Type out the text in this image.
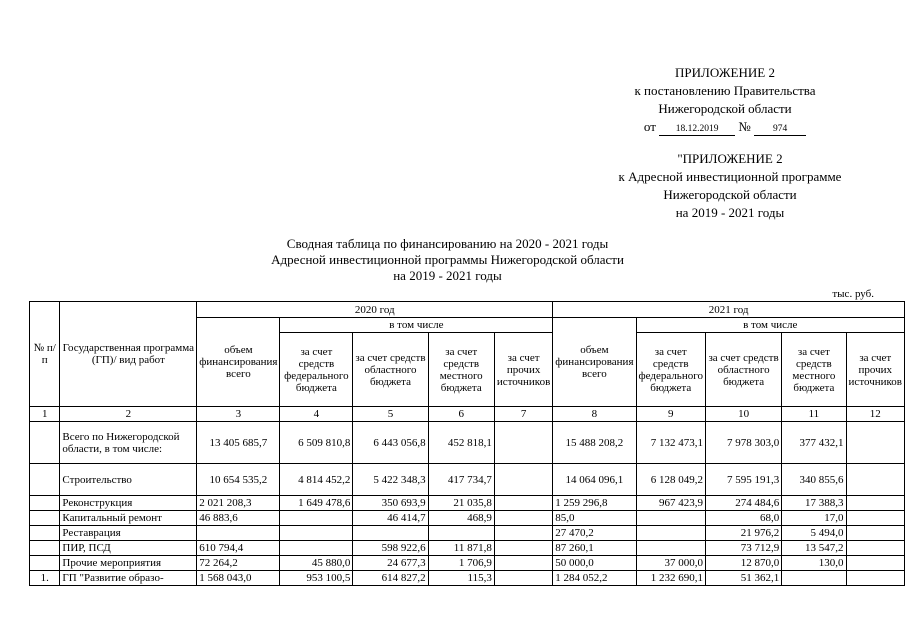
ПРИЛОЖЕНИЕ 2
к постановлению Правительства
Нижегородской области
от 18.12.2019 № 974
"ПРИЛОЖЕНИЕ 2
к Адресной инвестиционной программе
Нижегородской области
на 2019 - 2021 годы
Сводная таблица по финансированию на 2020 - 2021 годы
Адресной инвестиционной программы Нижегородской области
на 2019 - 2021 годы
тыс. руб.
№ п/п	Государственная программа (ГП)/ вид работ	2020 год					2021 год				
		объем финансирования всего	в том числе				объем финансирования всего	в том числе			
			за счет средств федерального бюджета	за счет средств областного бюджета	за счет средств местного бюджета	за счет прочих источников		за счет средств федерального бюджета	за счет средств областного бюджета	за счет средств местного бюджета	за счет прочих источников
1	2	3	4	5	6	7	8	9	10	11	12
	Всего по Нижегородской области, в том числе:	13 405 685,7	6 509 810,8	6 443 056,8	452 818,1		15 488 208,2	7 132 473,1	7 978 303,0	377 432,1	
	Строительство	10 654 535,2	4 814 452,2	5 422 348,3	417 734,7		14 064 096,1	6 128 049,2	7 595 191,3	340 855,6	
	Реконструкция	2 021 208,3	1 649 478,6	350 693,9	21 035,8		1 259 296,8	967 423,9	274 484,6	17 388,3	
	Капитальный ремонт	46 883,6		46 414,7	468,9		85,0		68,0	17,0	
	Реставрация						27 470,2		21 976,2	5 494,0	
	ПИР, ПСД	610 794,4		598 922,6	11 871,8		87 260,1		73 712,9	13 547,2	
	Прочие мероприятия	72 264,2	45 880,0	24 677,3	1 706,9		50 000,0	37 000,0	12 870,0	130,0	
1.	ГП "Развитие образо-	1 568 043,0	953 100,5	614 827,2	115,3		1 284 052,2	1 232 690,1	51 362,1		
